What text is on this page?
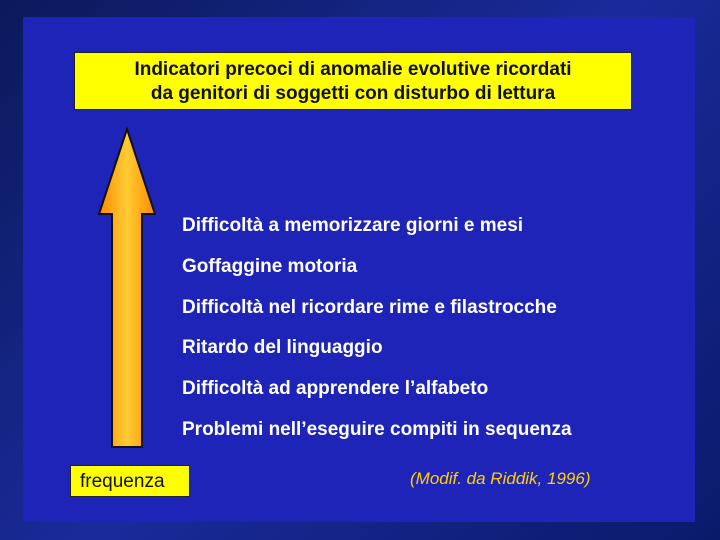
Indicatori precoci di anomalie evolutive ricordati
da genitori di soggetti con disturbo di lettura
Difficoltà a memorizzare giorni e mesi
Goffaggine motoria
Difficoltà nel ricordare rime e filastrocche
Ritardo del linguaggio
Difficoltà ad apprendere l’alfabeto
Problemi nell’eseguire compiti in sequenza
frequenza	(Modif. da Riddik, 1996)
